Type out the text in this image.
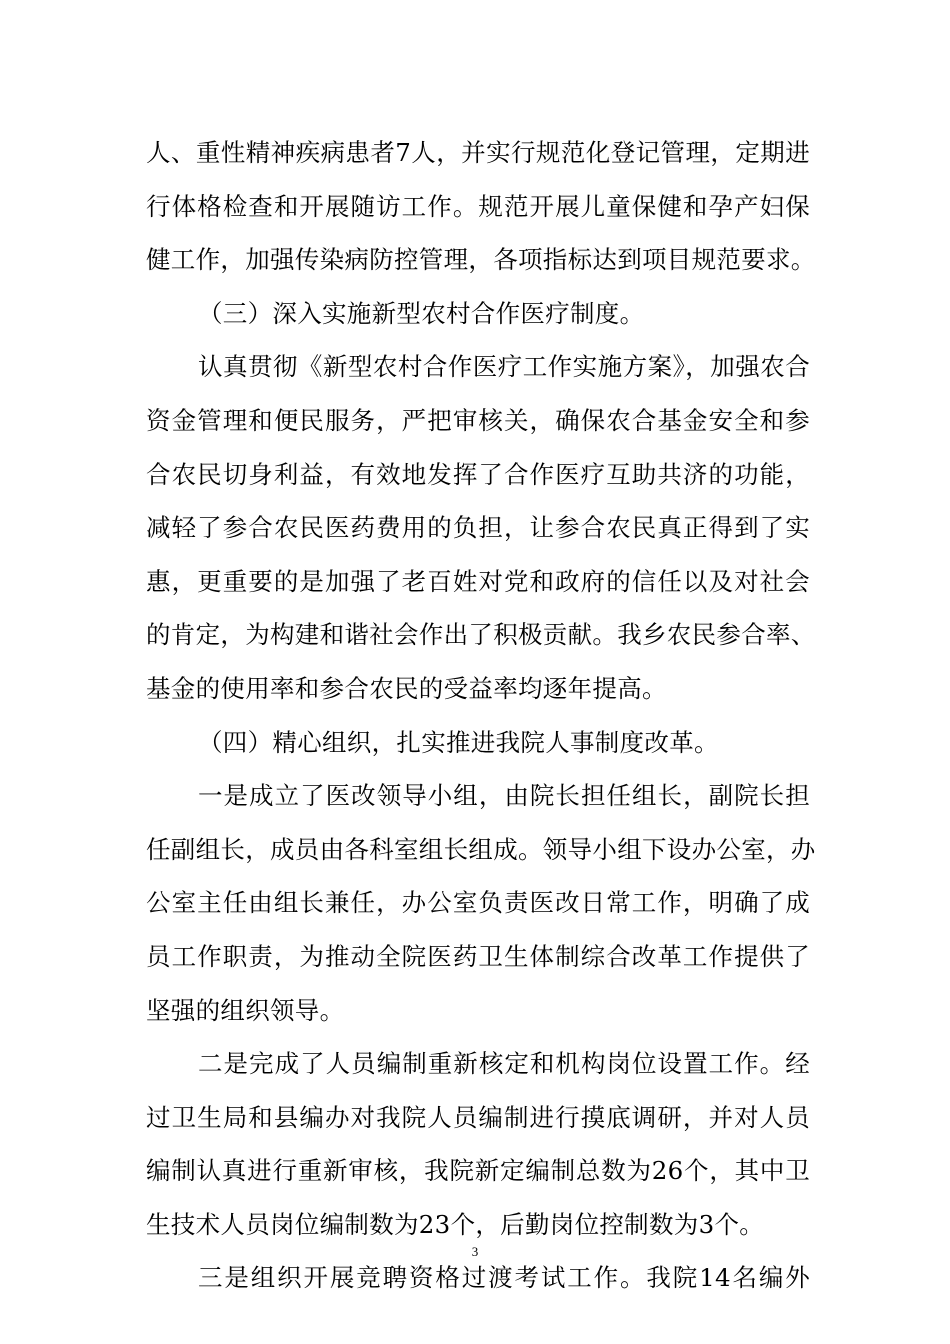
人、重性精神疾病患者7人，并实行规范化登记管理，定期进
行体格检查和开展随访工作。规范开展儿童保健和孕产妇保
健工作，加强传染病防控管理，各项指标达到项目规范要求。
（三）深入实施新型农村合作医疗制度。
认真贯彻《新型农村合作医疗工作实施方案》，加强农合
资金管理和便民服务，严把审核关，确保农合基金安全和参
合农民切身利益，有效地发挥了合作医疗互助共济的功能，
减轻了参合农民医药费用的负担，让参合农民真正得到了实
惠，更重要的是加强了老百姓对党和政府的信任以及对社会
的肯定，为构建和谐社会作出了积极贡献。我乡农民参合率、
基金的使用率和参合农民的受益率均逐年提高。
（四）精心组织，扎实推进我院人事制度改革。
一是成立了医改领导小组，由院长担任组长，副院长担
任副组长，成员由各科室组长组成。领导小组下设办公室，办
公室主任由组长兼任，办公室负责医改日常工作，明确了成
员工作职责，为推动全院医药卫生体制综合改革工作提供了
坚强的组织领导。
二是完成了人员编制重新核定和机构岗位设置工作。经
过卫生局和县编办对我院人员编制进行摸底调研，并对人员
编制认真进行重新审核，我院新定编制总数为26个，其中卫
生技术人员岗位编制数为23个，后勤岗位控制数为3个。
三是组织开展竞聘资格过渡考试工作。我院14名编外
3
